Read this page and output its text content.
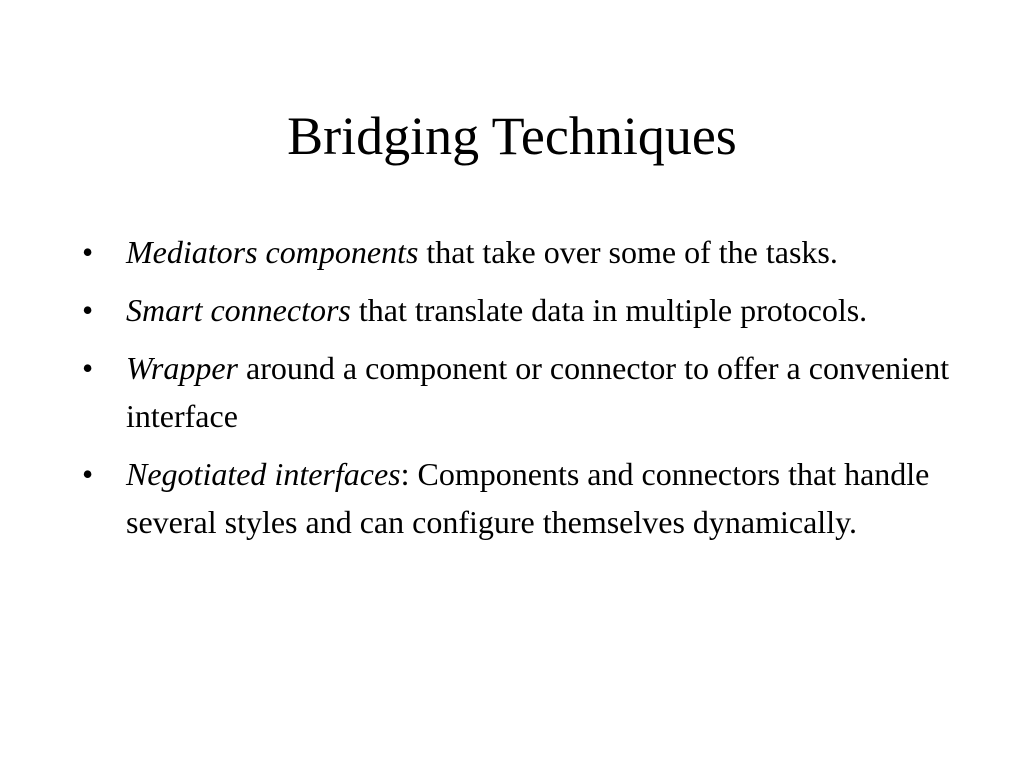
Bridging Techniques
•	Mediators components that take over some of the tasks.
•	Smart connectors that translate data in multiple protocols.
•	Wrapper around a component or connector to offer a convenient interface
•	Negotiated interfaces: Components and connectors that handle several styles and can configure themselves dynamically.
